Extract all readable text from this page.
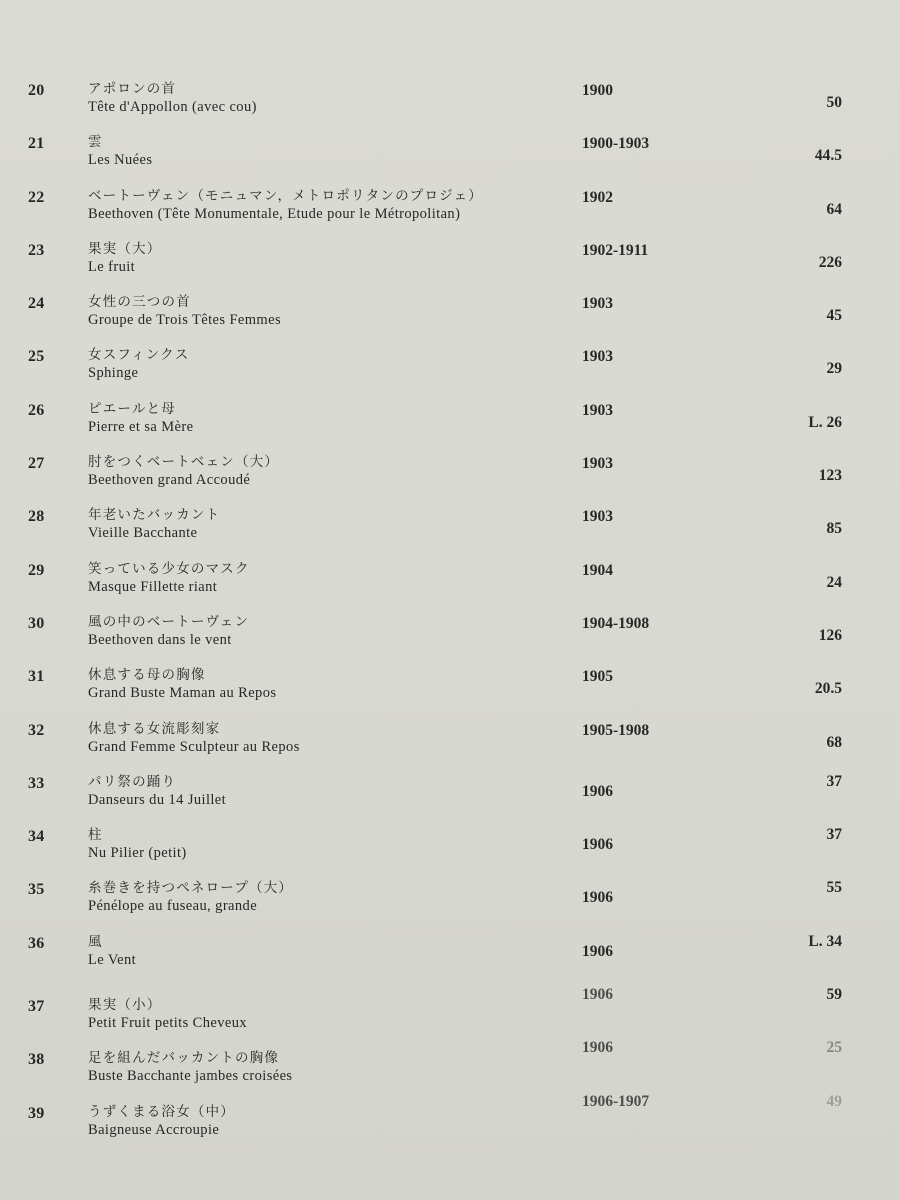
20	アポロンの首
Tête d'Appollon (avec cou)
1900
50
21	雲
Les Nuées
1900-1903
44.5
22	ベートーヴェン（モニュマン，メトロポリタンのプロジェ）
Beethoven (Tête Monumentale, Etude pour le Métropolitan)
1902
64
23	果実（大）
Le fruit
1902-1911
226
24	女性の三つの首
Groupe de Trois Têtes Femmes
1903
45
25	女スフィンクス
Sphinge
1903
29
26	ピエールと母
Pierre et sa Mère
1903
L. 26
27	肘をつくベートベェン（大）
Beethoven grand Accoudé
1903
123
28	年老いたバッカント
Vieille Bacchante
1903
85
29	笑っている少女のマスク
Masque Fillette riant
1904
24
30	風の中のベートーヴェン
Beethoven dans le vent
1904-1908
126
31	休息する母の胸像
Grand Buste Maman au Repos
1905
20.5
32	休息する女流彫刻家
Grand Femme Sculpteur au Repos
1905-1908
68
33	パリ祭の踊り
Danseurs du 14 Juillet	1906
37
34	柱
Nu Pilier (petit)	1906
37
35	糸巻きを持つペネロープ（大）
Pénélope au fuseau, grande	1906
55
36	風
Le Vent	1906
L. 34
37	果実（小）
Petit Fruit petits Cheveux
1906	59
38	足を組んだバッカントの胸像
Buste Bacchante jambes croisées
1906	25
39	うずくまる浴女（中）
Baigneuse Accroupie
1906-1907	49
